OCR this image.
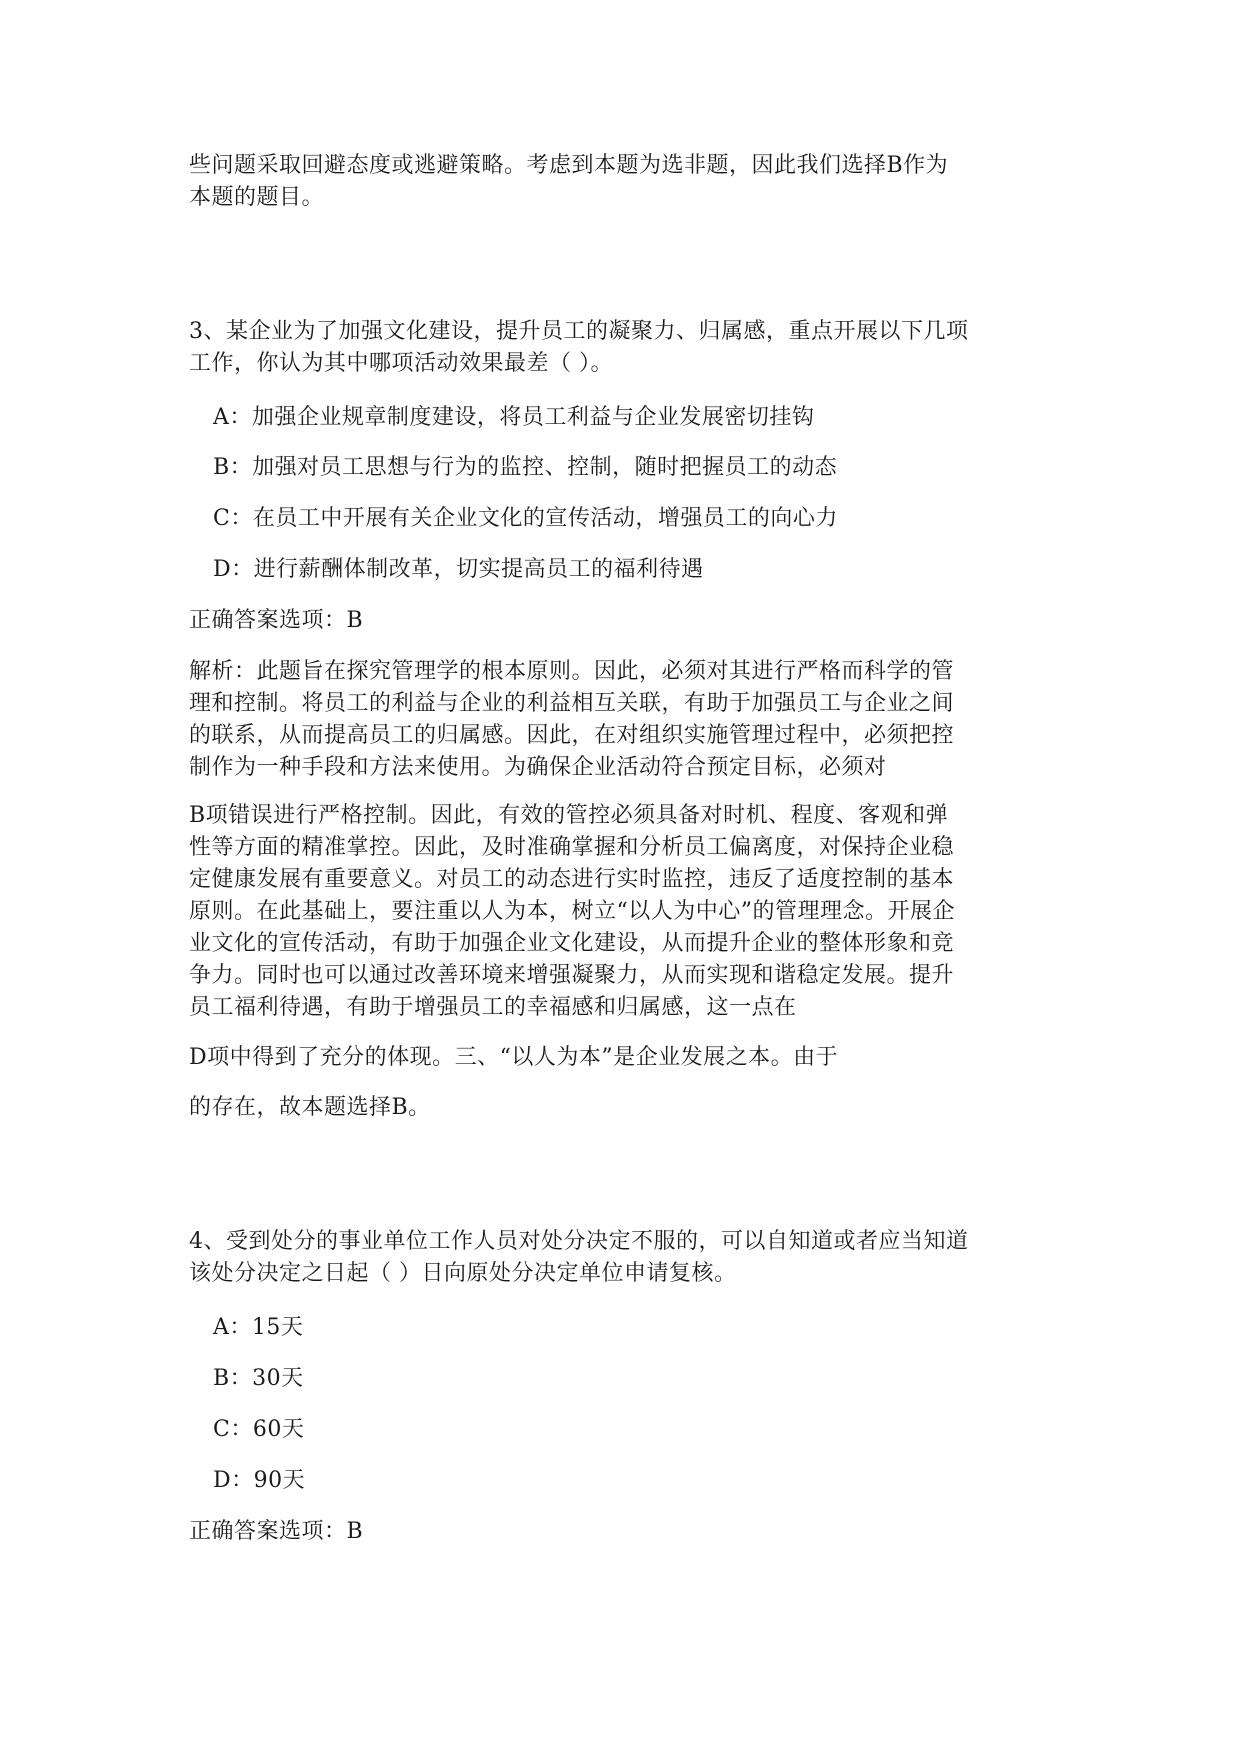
些问题采取回避态度或逃避策略。考虑到本题为选非题，因此我们选择B作为
本题的题目。
3、某企业为了加强文化建设，提升员工的凝聚力、归属感，重点开展以下几项
工作，你认为其中哪项活动效果最差（ ）。
A：加强企业规章制度建设，将员工利益与企业发展密切挂钩
B：加强对员工思想与行为的监控、控制，随时把握员工的动态
C：在员工中开展有关企业文化的宣传活动，增强员工的向心力
D：进行薪酬体制改革，切实提高员工的福利待遇
正确答案选项：B
解析：此题旨在探究管理学的根本原则。因此，必须对其进行严格而科学的管
理和控制。将员工的利益与企业的利益相互关联，有助于加强员工与企业之间
的联系，从而提高员工的归属感。因此，在对组织实施管理过程中，必须把控
制作为一种手段和方法来使用。为确保企业活动符合预定目标，必须对
B项错误进行严格控制。因此，有效的管控必须具备对时机、程度、客观和弹
性等方面的精准掌控。因此，及时准确掌握和分析员工偏离度，对保持企业稳
定健康发展有重要意义。对员工的动态进行实时监控，违反了适度控制的基本
原则。在此基础上，要注重以人为本，树立“以人为中心”的管理理念。开展企
业文化的宣传活动，有助于加强企业文化建设，从而提升企业的整体形象和竞
争力。同时也可以通过改善环境来增强凝聚力，从而实现和谐稳定发展。提升
员工福利待遇，有助于增强员工的幸福感和归属感，这一点在
D项中得到了充分的体现。三、“以人为本”是企业发展之本。由于
的存在，故本题选择B。
4、受到处分的事业单位工作人员对处分决定不服的，可以自知道或者应当知道
该处分决定之日起（ ）日向原处分决定单位申请复核。
A：15天
B：30天
C：60天
D：90天
正确答案选项：B
